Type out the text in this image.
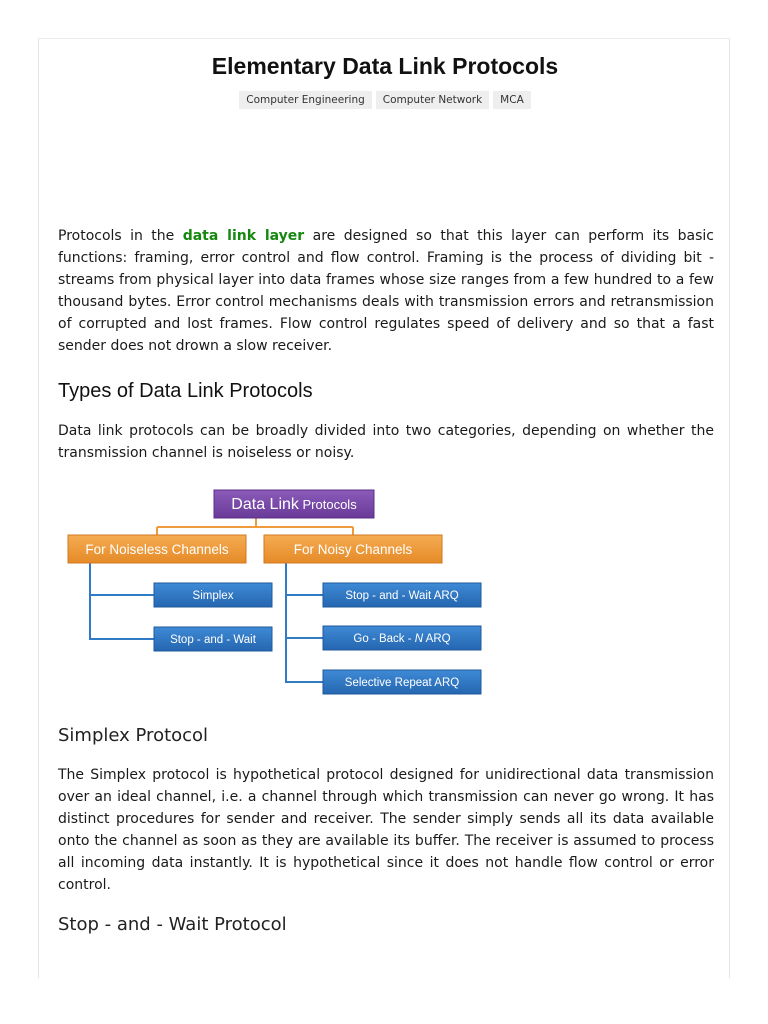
Elementary Data Link Protocols
Computer Engineering Computer Network MCA

Protocols in the data link layer are designed so that this layer can perform its basic functions: framing, error control and flow control. Framing is the process of dividing bit - streams from physical layer into data frames whose size ranges from a few hundred to a few thousand bytes. Error control mechanisms deals with transmission errors and retransmission of corrupted and lost frames. Flow control regulates speed of delivery and so that a fast sender does not drown a slow receiver.

Types of Data Link Protocols

Data link protocols can be broadly divided into two categories, depending on whether the transmission channel is noiseless or noisy.

Data Link Protocols
For Noiseless Channels	For Noisy Channels
Simplex
Stop - and - Wait
Stop - and - Wait ARQ
Go - Back - N ARQ
Selective Repeat ARQ
Simplex Protocol

The Simplex protocol is hypothetical protocol designed for unidirectional data transmission over an ideal channel, i.e. a channel through which transmission can never go wrong. It has distinct procedures for sender and receiver. The sender simply sends all its data available onto the channel as soon as they are available its buffer. The receiver is assumed to process all incoming data instantly. It is hypothetical since it does not handle flow control or error control.

Stop - and - Wait Protocol
